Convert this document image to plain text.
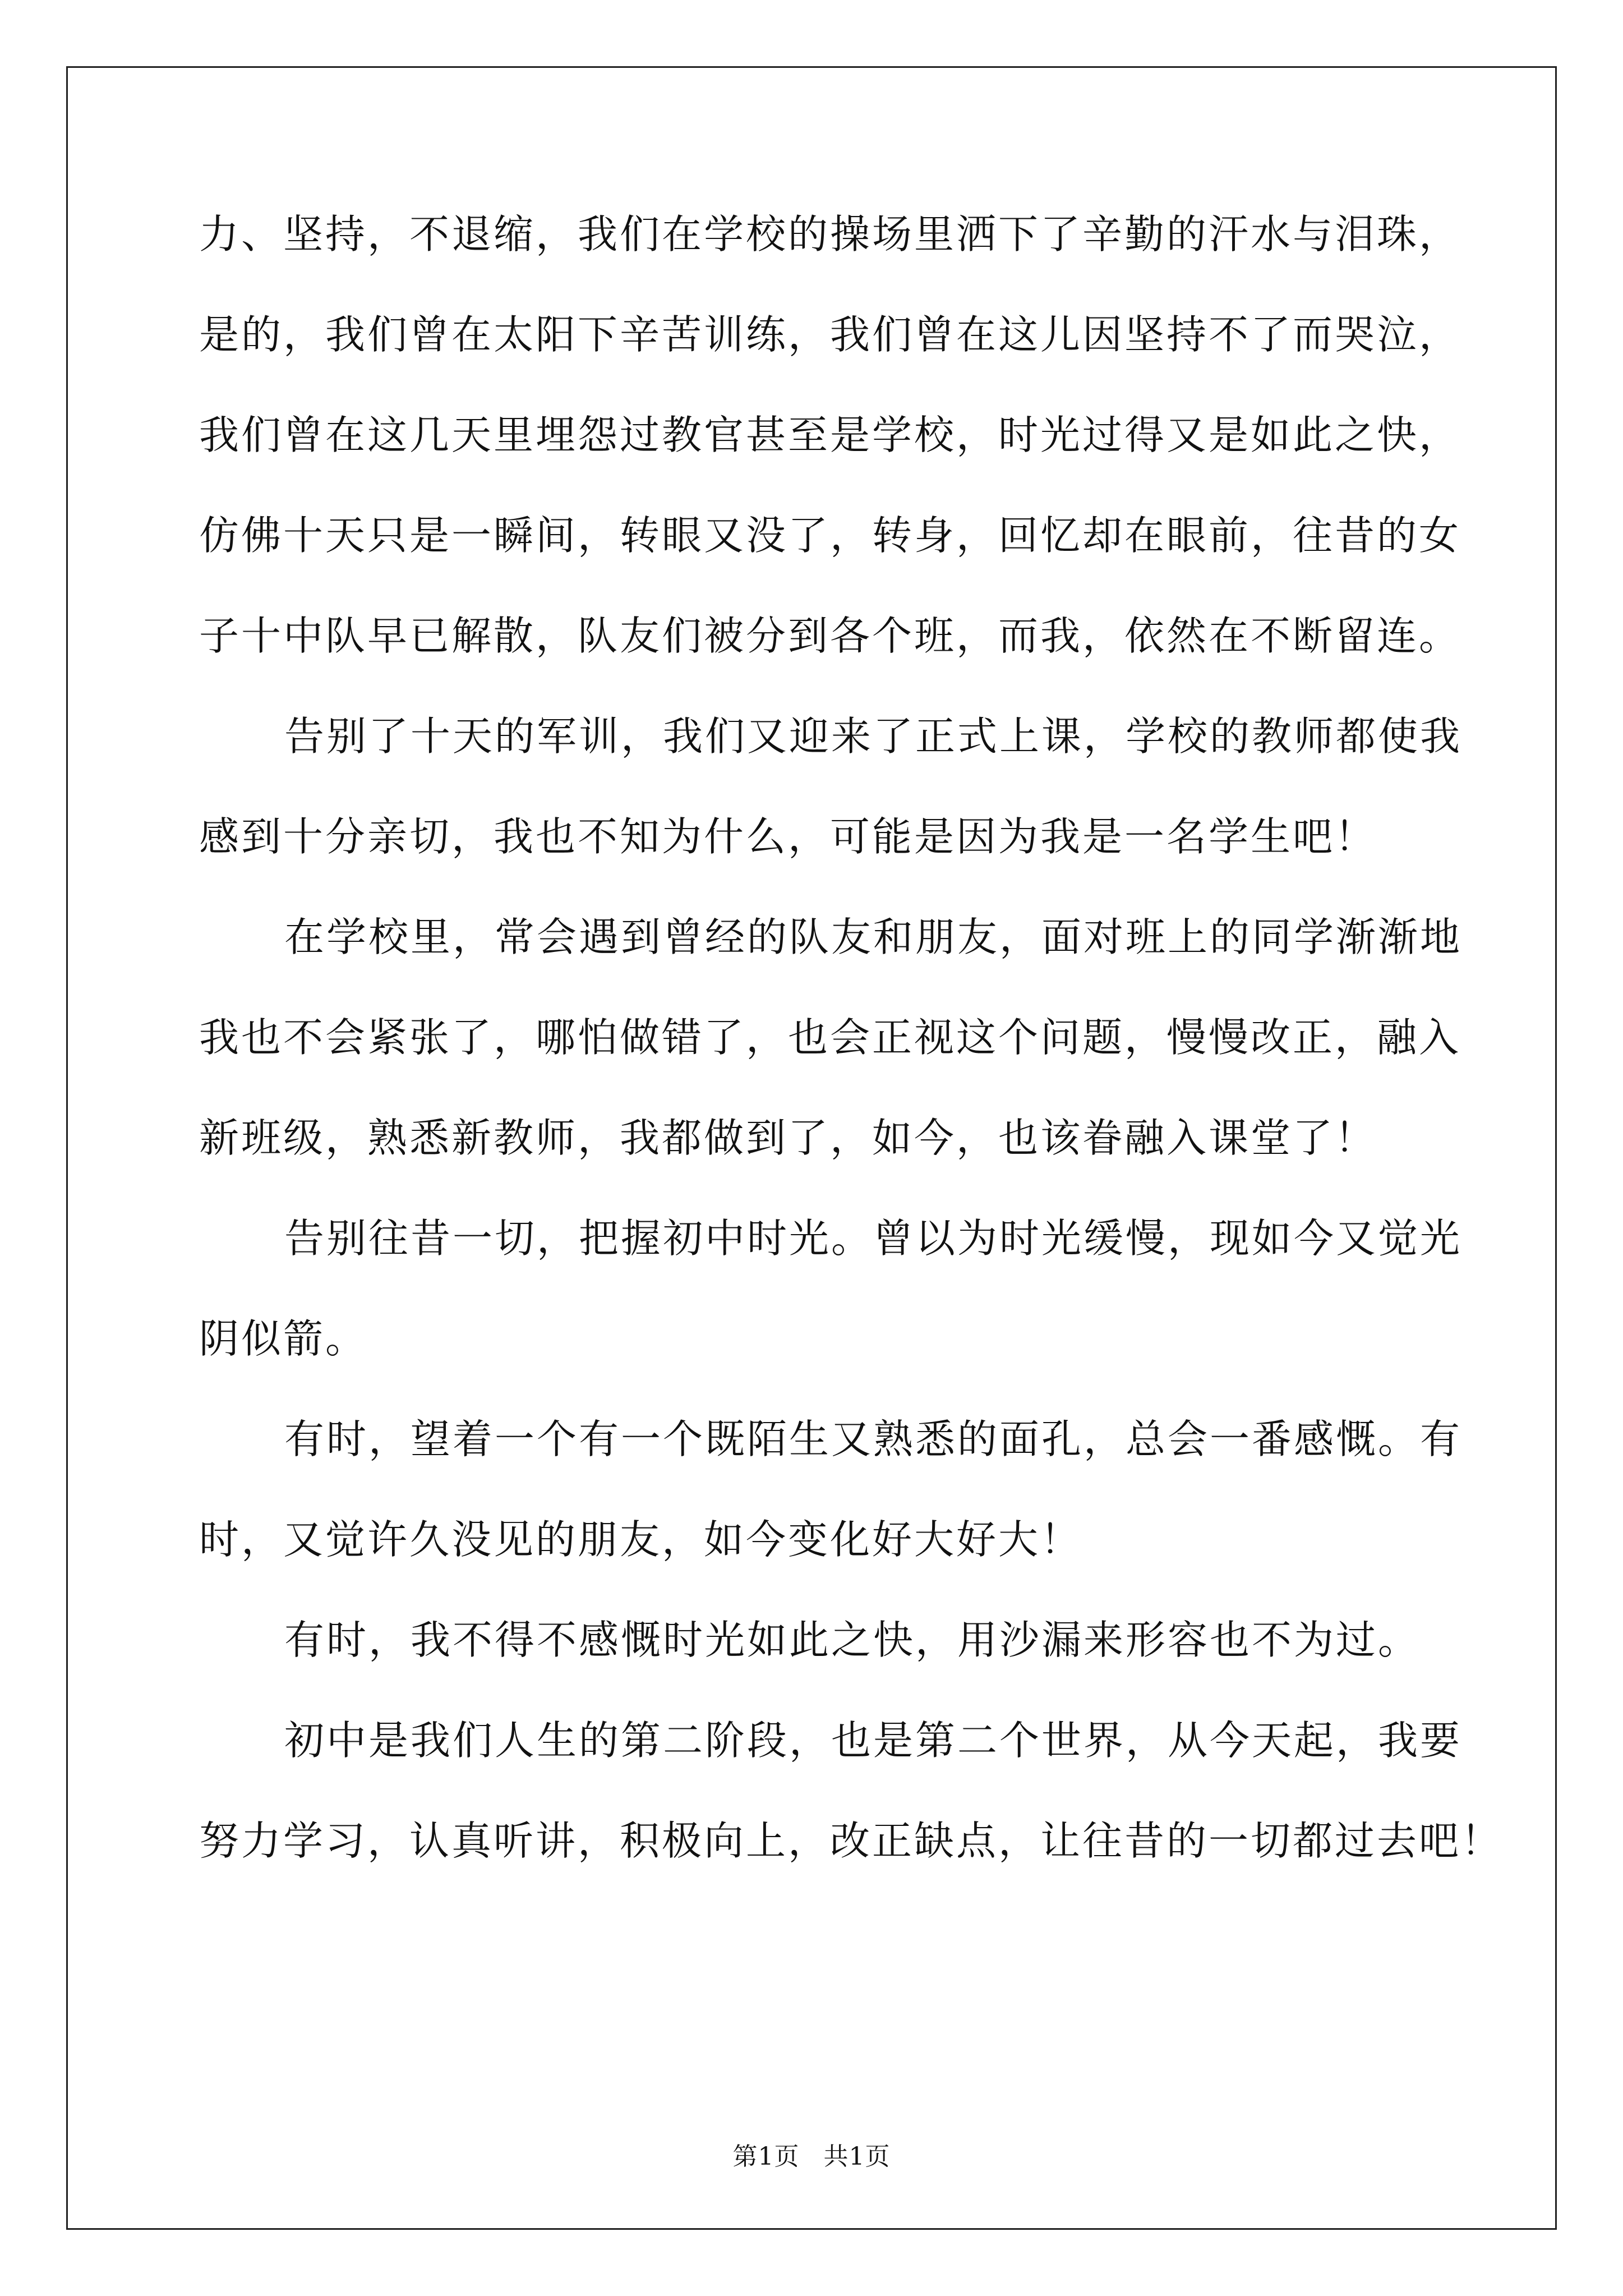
力、坚持，不退缩，我们在学校的操场里洒下了辛勤的汗水与泪珠，
是的，我们曾在太阳下辛苦训练，我们曾在这儿因坚持不了而哭泣，
我们曾在这几天里埋怨过教官甚至是学校，时光过得又是如此之快，
仿佛十天只是一瞬间，转眼又没了，转身，回忆却在眼前，往昔的女
子十中队早已解散，队友们被分到各个班，而我，依然在不断留连。
告别了十天的军训，我们又迎来了正式上课，学校的教师都使我
感到十分亲切，我也不知为什么，可能是因为我是一名学生吧！
在学校里，常会遇到曾经的队友和朋友，面对班上的同学渐渐地
我也不会紧张了，哪怕做错了，也会正视这个问题，慢慢改正，融入
新班级，熟悉新教师，我都做到了，如今，也该眷融入课堂了！
告别往昔一切，把握初中时光。曾以为时光缓慢，现如今又觉光
阴似箭。
有时，望着一个有一个既陌生又熟悉的面孔，总会一番感慨。有
时，又觉许久没见的朋友，如今变化好大好大！
有时，我不得不感慨时光如此之快，用沙漏来形容也不为过。
初中是我们人生的第二阶段，也是第二个世界，从今天起，我要
努力学习，认真听讲，积极向上，改正缺点，让往昔的一切都过去吧！
第1页 共1页
